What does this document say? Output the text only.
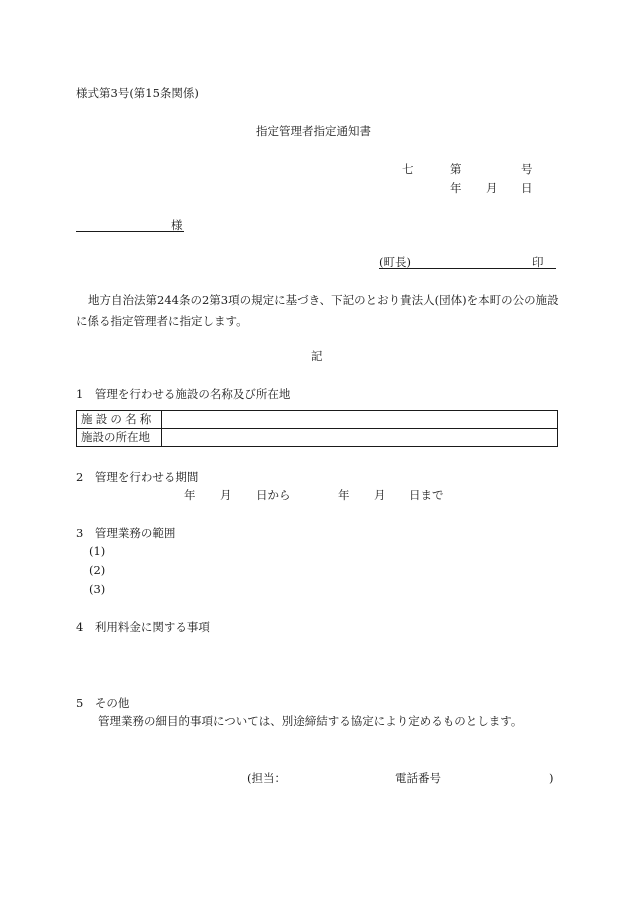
様式第3号(第15条関係)
指定管理者指定通知書
七	第	号
年 月 日
様
(町長)	印
地方自治法第244条の2第3項の規定に基づき、下記のとおり貴法人(団体)を本町の公の施設に係る指定管理者に指定します。
記
1　管理を行わせる施設の名称及び所在地
施設の名称	
施設の所在地	
2　管理を行わせる期間
年 月 日から	年 月 日まで
3　管理業務の範囲
(1)
(2)
(3)
4　利用料金に関する事項
5　その他
管理業務の細目的事項については、別途締結する協定により定めるものとします。
(担当：	電話番号	)
